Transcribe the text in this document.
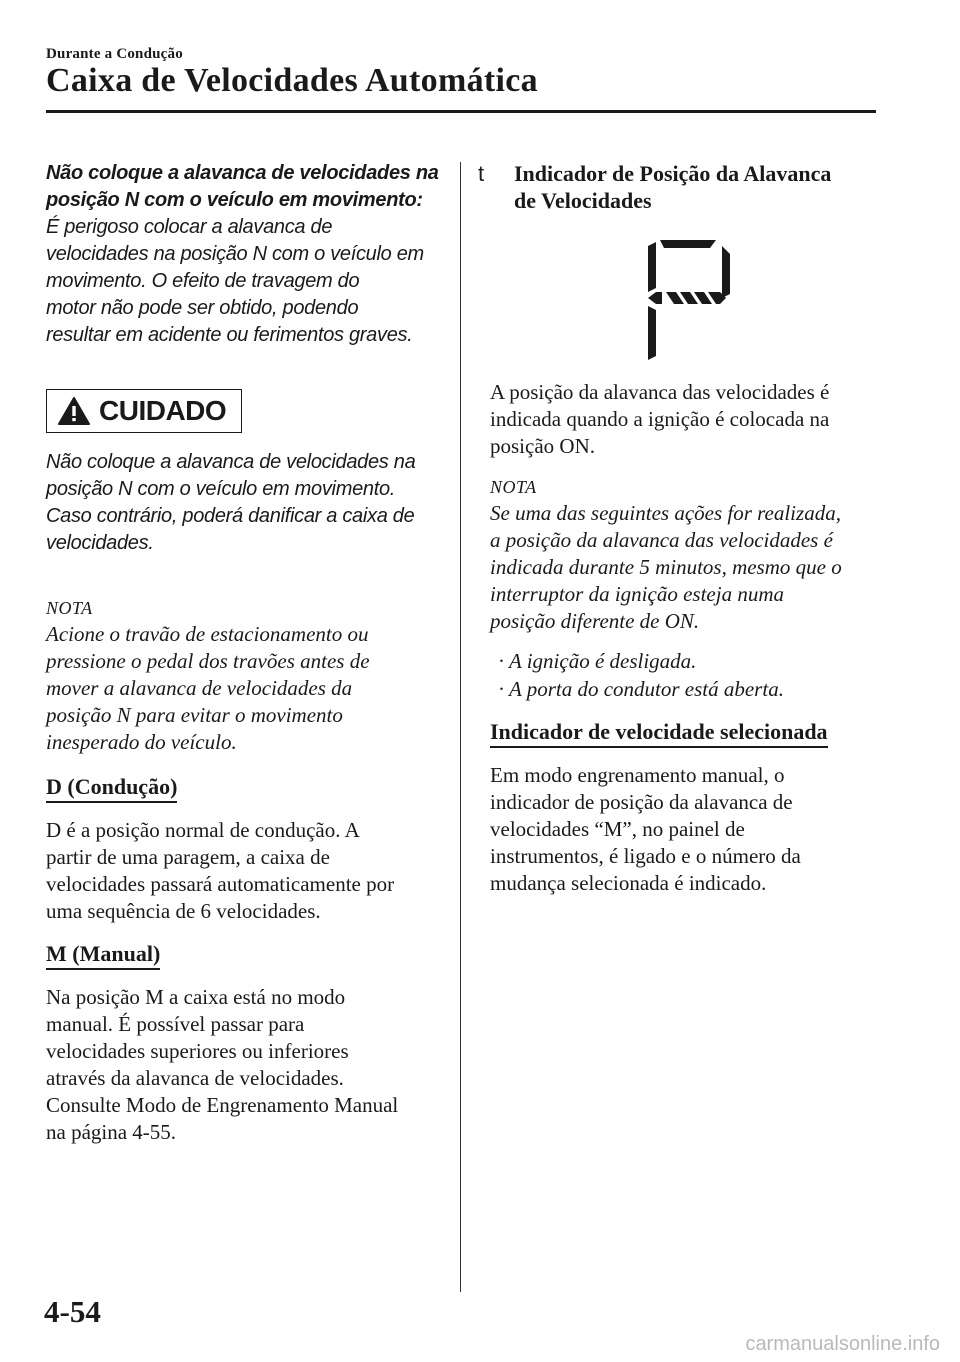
Durante a Condução
Caixa de Velocidades Automática

Não coloque a alavanca de velocidades na

posição N com o veículo em movimento:

É perigoso colocar a alavanca de

velocidades na posição N com o veículo em

movimento. O efeito de travagem do

motor não pode ser obtido, podendo

resultar em acidente ou ferimentos graves.

CUIDADO

Não coloque a alavanca de velocidades na

posição N com o veículo em movimento.

Caso contrário, poderá danificar a caixa de

velocidades.

NOTA

Acione o travão de estacionamento ou

pressione o pedal dos travões antes de

mover a alavanca de velocidades da

posição N para evitar o movimento

inesperado do veículo.

D (Condução)

D é a posição normal de condução. A

partir de uma paragem, a caixa de

velocidades passará automaticamente por

uma sequência de 6 velocidades.

M (Manual)

Na posição M a caixa está no modo

manual. É possível passar para

velocidades superiores ou inferiores

através da alavanca de velocidades.

Consulte Modo de Engrenamento Manual

na página 4-55.

t	Indicador de Posição da Alavanca
de Velocidades

A posição da alavanca das velocidades é

indicada quando a ignição é colocada na

posição ON.

NOTA

Se uma das seguintes ações for realizada,

a posição da alavanca das velocidades é

indicada durante 5 minutos, mesmo que o

interruptor da ignição esteja numa

posição diferente de ON.

· A ignição é desligada.
· A porta do condutor está aberta.
Indicador de velocidade selecionada

Em modo engrenamento manual, o

indicador de posição da alavanca de

velocidades “M”, no painel de

instrumentos, é ligado e o número da

mudança selecionada é indicado.

4-54
carmanualsonline.info
